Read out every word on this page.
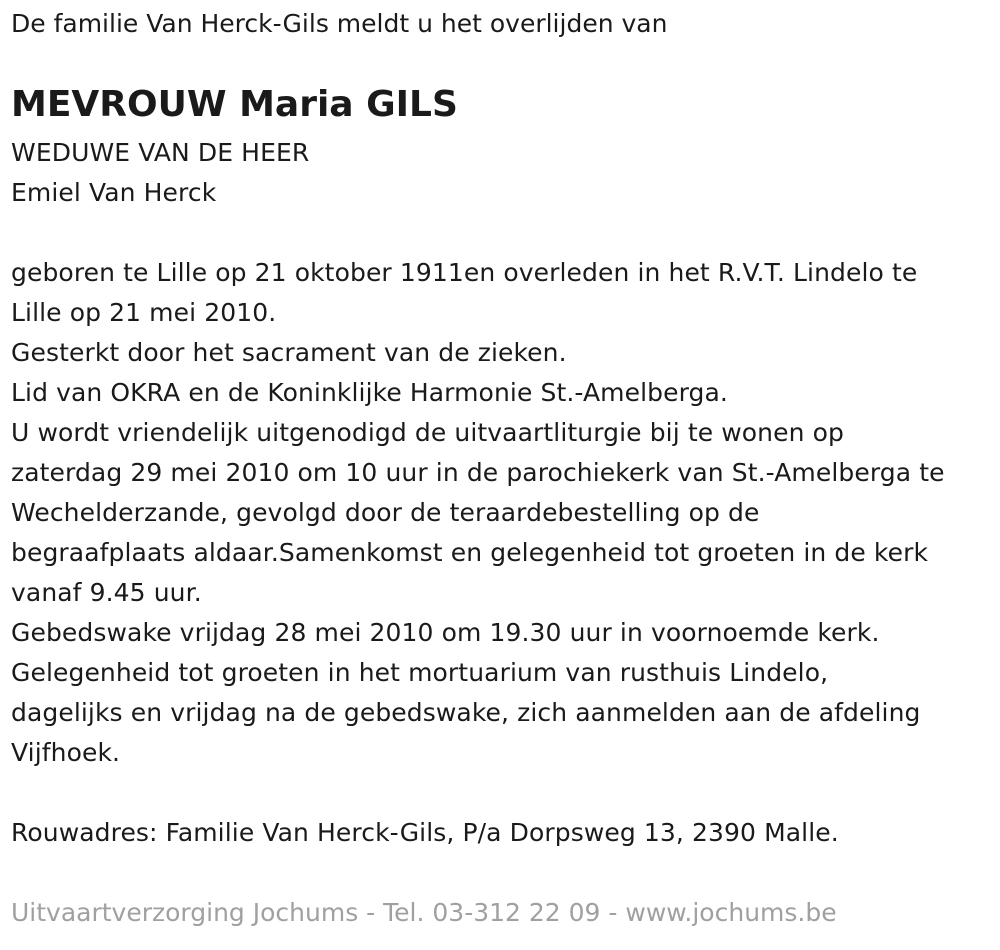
De familie Van Herck-Gils meldt u het overlijden van
MEVROUW Maria GILS
WEDUWE VAN DE HEER
Emiel Van Herck
geboren te Lille op 21 oktober 1911en overleden in het R.V.T. Lindelo te
Lille op 21 mei 2010.
Gesterkt door het sacrament van de zieken.
Lid van OKRA en de Koninklijke Harmonie St.-Amelberga.
U wordt vriendelijk uitgenodigd de uitvaartliturgie bij te wonen op
zaterdag 29 mei 2010 om 10 uur in de parochiekerk van St.-Amelberga te
Wechelderzande, gevolgd door de teraardebestelling op de
begraafplaats aldaar.Samenkomst en gelegenheid tot groeten in de kerk
vanaf 9.45 uur.
Gebedswake vrijdag 28 mei 2010 om 19.30 uur in voornoemde kerk.
Gelegenheid tot groeten in het mortuarium van rusthuis Lindelo,
dagelijks en vrijdag na de gebedswake, zich aanmelden aan de afdeling
Vijfhoek.
Rouwadres: Familie Van Herck-Gils, P/a Dorpsweg 13, 2390 Malle.
Uitvaartverzorging Jochums - Tel. 03-312 22 09 - www.jochums.be
